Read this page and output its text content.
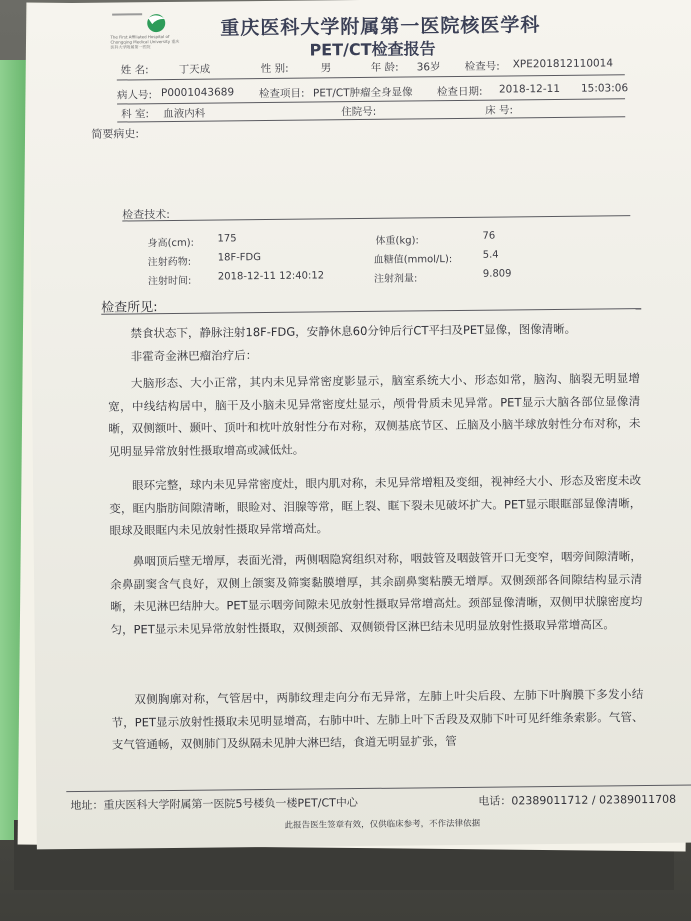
The First Affiliated Hospital of Chongqing Medical University 重庆医科大学附属第一医院
重庆医科大学附属第一医院核医学科
PET/CT检查报告
姓 名:	丁天成	性 别:	男	年 龄: 36岁 检查号: XPE201812110014
病人号: P0001043689 检查项目: PET/CT肿瘤全身显像 检查日期: 2018-12-11 15:03:06
科 室: 血液内科	住院号:	床 号:
简要病史:
检查技术:
身高(cm): 175	体重(kg):	76
注射药物:	18F-FDG	血糖值(mmol/L):	5.4
注射时间:	2018-12-11 12:40:12	注射剂量:	9.809
检查所见:
禁食状态下，静脉注射18F-FDG，安静休息60分钟后行CT平扫及PET显像，图像清晰。
非霍奇金淋巴瘤治疗后：
大脑形态、大小正常，其内未见异常密度影显示，脑室系统大小、形态如常，脑沟、脑裂无明显增宽，中线结构居中，脑干及小脑未见异常密度灶显示，颅骨骨质未见异常。PET显示大脑各部位显像清晰，双侧额叶、颞叶、顶叶和枕叶放射性分布对称，双侧基底节区、丘脑及小脑半球放射性分布对称，未见明显异常放射性摄取增高或减低灶。
眼环完整，球内未见异常密度灶，眼内肌对称，未见异常增粗及变细，视神经大小、形态及密度未改变，眶内脂肪间隙清晰，眼睑对、泪腺等常，眶上裂、眶下裂未见破坏扩大。PET显示眼眶部显像清晰，眼球及眼眶内未见放射性摄取异常增高灶。
鼻咽顶后壁无增厚，表面光滑，两侧咽隐窝组织对称，咽鼓管及咽鼓管开口无变窄，咽旁间隙清晰，余鼻副窦含气良好，双侧上颌窦及筛窦黏膜增厚，其余副鼻窦粘膜无增厚。双侧颈部各间隙结构显示清晰，未见淋巴结肿大。PET显示咽旁间隙未见放射性摄取异常增高灶。颈部显像清晰，双侧甲状腺密度均匀，PET显示未见异常放射性摄取，双侧颈部、双侧锁骨区淋巴结未见明显放射性摄取异常增高区。
双侧胸廓对称，气管居中，两肺纹理走向分布无异常，左肺上叶尖后段、左肺下叶胸膜下多发小结节，PET显示放射性摄取未见明显增高，右肺中叶、左肺上叶下舌段及双肺下叶可见纤维条索影。气管、支气管通畅，双侧肺门及纵隔未见肿大淋巴结，食道无明显扩张，管
地址：重庆医科大学附属第一医院5号楼负一楼PET/CT中心	电话：02389011712 / 02389011708
此报告医生签章有效，仅供临床参考，不作法律依据
